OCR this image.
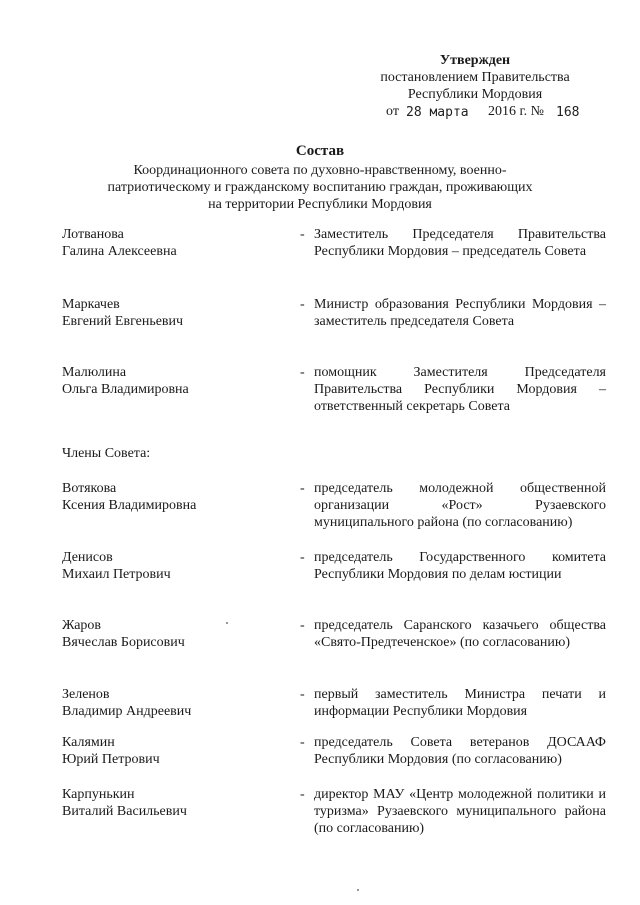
Утвержден
постановлением Правительства
Республики Мордовия
от 28 марта 2016 г. № 168
Состав
Координационного совета по духовно-нравственному, военно-патриотическому и гражданскому воспитанию граждан, проживающих на территории Республики Мордовия
Лотванова
Галина Алексеевна
- Заместитель Председателя Правительства Республики Мордовия – председатель Совета
Маркачев
Евгений Евгеньевич
- Министр образования Республики Мордовия – заместитель председателя Совета
Малюлина
Ольга Владимировна
- помощник Заместителя Председателя Правительства Республики Мордовия – ответственный секретарь Совета
Члены Совета:
Вотякова
Ксения Владимировна
- председатель молодежной общественной организации «Рост» Рузаевского муниципального района (по согласованию)
Денисов
Михаил Петрович
- председатель Государственного комитета Республики Мордовия по делам юстиции
Жаров
Вячеслав Борисович
- председатель Саранского казачьего общества «Свято-Предтеченское» (по согласованию)
Зеленов
Владимир Андреевич
- первый заместитель Министра печати и информации Республики Мордовия
Калямин
Юрий Петрович
- председатель Совета ветеранов ДОСААФ Республики Мордовия (по согласованию)
Карпунькин
Виталий Васильевич
- директор МАУ «Центр молодежной политики и туризма» Рузаевского муниципального района (по согласованию)
